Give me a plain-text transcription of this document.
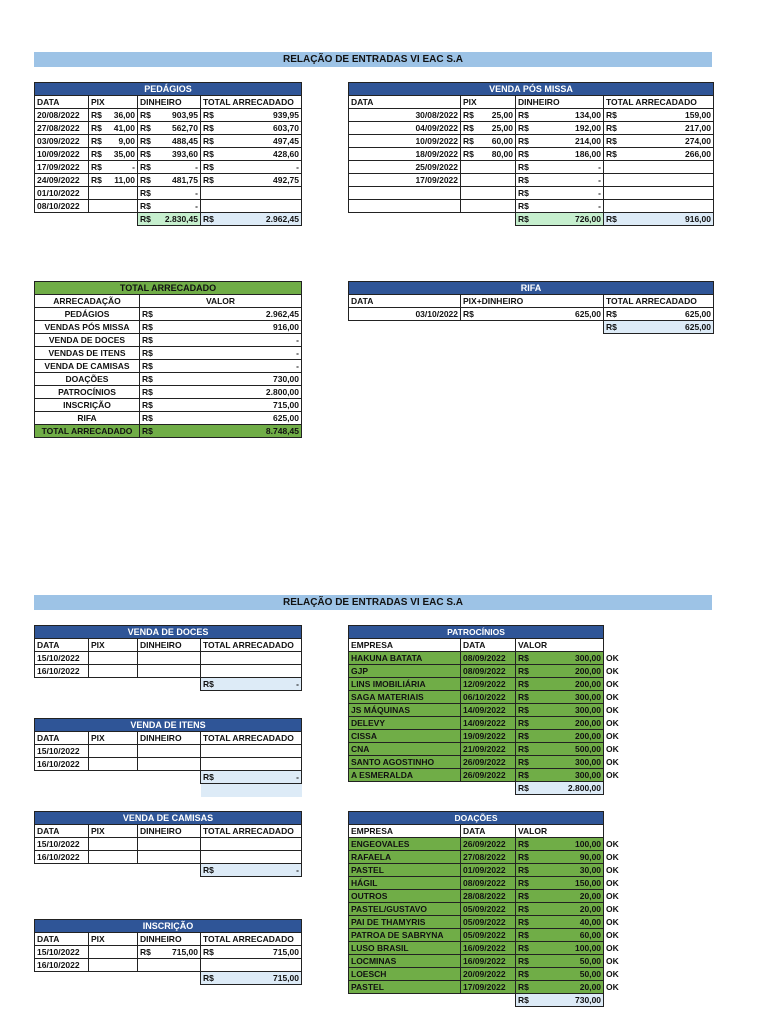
RELAÇÃO DE ENTRADAS VI EAC S.A
RELAÇÃO DE ENTRADAS VI EAC S.A
PEDÁGIOS			
DATA	PIX	DINHEIRO	TOTAL ARRECADADO
20/08/2022	R$ 36,00	R$ 903,95	R$ 939,95

27/08/2022	R$ 41,00	R$ 562,70	R$ 603,70

03/09/2022	R$ 9,00	R$ 488,45	R$ 497,45

10/09/2022	R$ 35,00	R$ 393,60	R$ 428,60

17/09/2022	R$ -	R$ -	R$ -

24/09/2022	R$ 11,00	R$ 481,75	R$ 492,75

01/10/2022		R$ -	

08/10/2022		R$ -	

		R$ 2.830,45	R$ 2.962,45
VENDA PÓS MISSA			
DATA	PIX	DINHEIRO	TOTAL ARRECADADO
30/08/2022	R$ 25,00	R$ 134,00	R$ 159,00

04/09/2022	R$ 25,00	R$ 192,00	R$ 217,00

10/09/2022	R$ 60,00	R$ 214,00	R$ 274,00

18/09/2022	R$ 80,00	R$ 186,00	R$ 266,00

25/09/2022		R$ -	

17/09/2022		R$ -	

		R$ -	

		R$ -	

		R$ 726,00	R$ 916,00
TOTAL ARRECADADO	
ARRECADAÇÃO	VALOR
PEDÁGIOS	R$ 2.962,45

VENDAS PÓS MISSA	R$ 916,00

VENDA DE DOCES	R$ -

VENDAS DE ITENS	R$ -

VENDA DE CAMISAS	R$ -

DOAÇÕES	R$ 730,00

PATROCÍNIOS	R$ 2.800,00

INSCRIÇÃO	R$ 715,00

RIFA	R$ 625,00

TOTAL ARRECADADO	R$ 8.748,45
RIFA		
DATA	PIX+DINHEIRO	TOTAL ARRECADADO
03/10/2022	R$ 625,00	R$ 625,00

		R$ 625,00
VENDA DE DOCES			
DATA	PIX	DINHEIRO	TOTAL ARRECADADO
15/10/2022			
16/10/2022			

			R$ -
VENDA DE ITENS			
DATA	PIX	DINHEIRO	TOTAL ARRECADADO
15/10/2022			
16/10/2022			

			R$ -

VENDA DE CAMISAS			
DATA	PIX	DINHEIRO	TOTAL ARRECADADO
15/10/2022			
16/10/2022			

			R$ -
INSCRIÇÃO			
DATA	PIX	DINHEIRO	TOTAL ARRECADADO
15/10/2022		R$ 715,00	R$ 715,00

16/10/2022			

			R$ 715,00
PATROCÍNIOS			
EMPRESA	DATA	VALOR	
HAKUNA BATATA	08/09/2022	R$ 300,00	OK
GJP	08/09/2022	R$ 200,00	OK
LINS IMOBILIÁRIA	12/09/2022	R$ 200,00	OK
SAGA MATERIAIS	06/10/2022	R$ 300,00	OK
JS MÁQUINAS	14/09/2022	R$ 300,00	OK
DELEVY	14/09/2022	R$ 200,00	OK
CISSA	19/09/2022	R$ 200,00	OK
CNA	21/09/2022	R$ 500,00	OK
SANTO AGOSTINHO	26/09/2022	R$ 300,00	OK
A ESMERALDA	26/09/2022	R$ 300,00	OK

		R$ 2.800,00	

DOAÇÕES			
EMPRESA	DATA	VALOR	
ENGEOVALES	26/09/2022	R$ 100,00	OK
RAFAELA	27/08/2022	R$ 90,00	OK
PASTEL	01/09/2022	R$ 30,00	OK
HÁGIL	08/09/2022	R$ 150,00	OK
OUTROS	28/08/2022	R$ 20,00	OK
PASTEL/GUSTAVO	05/09/2022	R$ 20,00	OK
PAI DE THAMYRIS	05/09/2022	R$ 40,00	OK
PATROA DE SABRYNA	05/09/2022	R$ 60,00	OK
LUSO BRASIL	16/09/2022	R$ 100,00	OK
LOCMINAS	16/09/2022	R$ 50,00	OK
LOESCH	20/09/2022	R$ 50,00	OK
PASTEL	17/09/2022	R$ 20,00	OK

		R$ 730,00	
